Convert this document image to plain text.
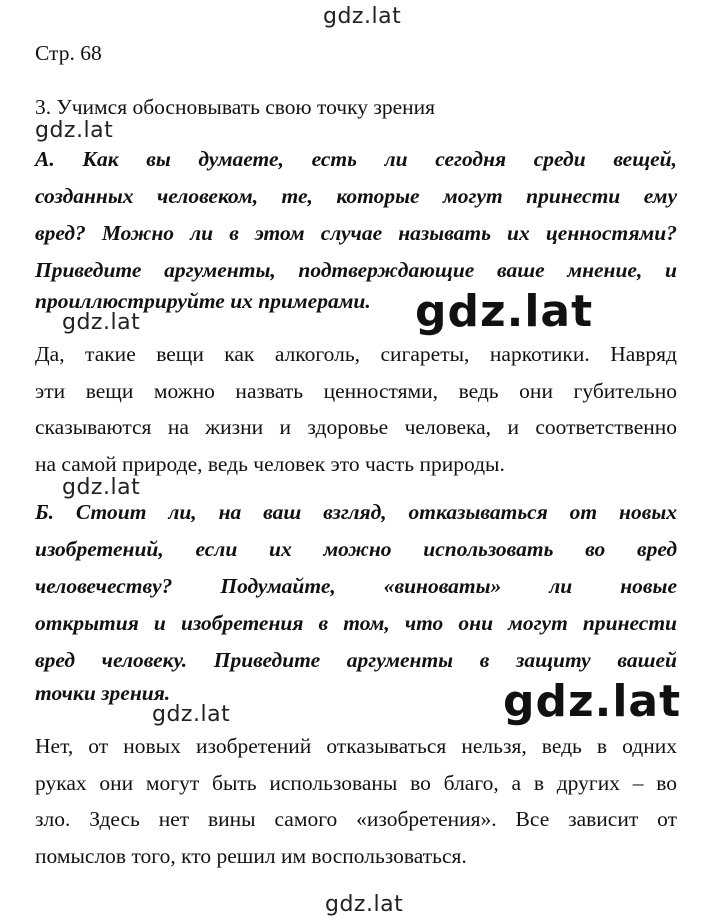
gdz.lat
gdz.lat
gdz.lat
gdz.lat
gdz.lat
gdz.lat
Стр. 68
3. Учимся обосновывать свою точку зрения
А. Как вы думаете, есть ли сегодня среди вещей,
созданных человеком, те, которые могут принести ему
вред? Можно ли в этом случае называть их ценностями?
Приведите аргументы, подтверждающие ваше мнение, и
проиллюстрируйте их примерами.	gdz.lat
Да, такие вещи как алкоголь, сигареты, наркотики. Навряд
эти вещи можно назвать ценностями, ведь они губительно
сказываются на жизни и здоровье человека, и соответственно
на самой природе, ведь человек это часть природы.
Б. Стоит ли, на ваш взгляд, отказываться от новых
изобретений, если их можно использовать во вред
человечеству? Подумайте, «виноваты» ли новые
открытия и изобретения в том, что они могут принести
вред человеку. Приведите аргументы в защиту вашей
точки зрения.	gdz.lat
Нет, от новых изобретений отказываться нельзя, ведь в одних
руках они могут быть использованы во благо, а в других – во
зло. Здесь нет вины самого «изобретения». Все зависит от
помыслов того, кто решил им воспользоваться.
